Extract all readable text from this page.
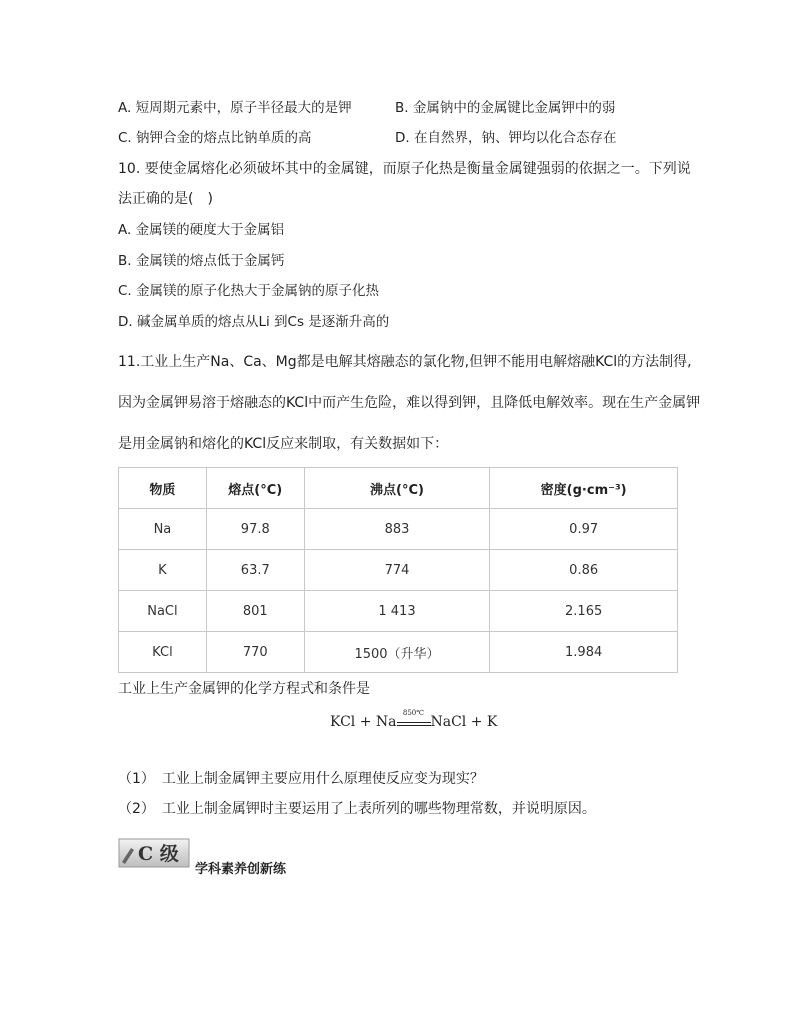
A. 短周期元素中，原子半径最大的是钾	B. 金属钠中的金属键比金属钾中的弱
C. 钠钾合金的熔点比钠单质的高	D. 在自然界，钠、钾均以化合态存在
10. 要使金属熔化必须破坏其中的金属键，而原子化热是衡量金属键强弱的依据之一。下列说
法正确的是(　)
A. 金属镁的硬度大于金属铝
B. 金属镁的熔点低于金属钙
C. 金属镁的原子化热大于金属钠的原子化热
D. 碱金属单质的熔点从Li 到Cs 是逐渐升高的
11.工业上生产Na、Ca、Mg都是电解其熔融态的氯化物,但钾不能用电解熔融KCl的方法制得,
因为金属钾易溶于熔融态的KCl中而产生危险，难以得到钾，且降低电解效率。现在生产金属钾
是用金属钠和熔化的KCl反应来制取，有关数据如下：
物质	熔点(°C)	沸点(°C)	密度(g·cm⁻³)
Na	97.8	883	0.97
K	63.7	774	0.86
NaCl	801	1 413	2.165
KCl	770	1500（升华）	1.984
工业上生产金属钾的化学方程式和条件是
KCl + Na
850℃
NaCl + K
（1）　工业上制金属钾主要应用什么原理使反应变为现实？
（2）　工业上制金属钾时主要运用了上表所列的哪些物理常数，并说明原因。
C 级
学科素养创新练
